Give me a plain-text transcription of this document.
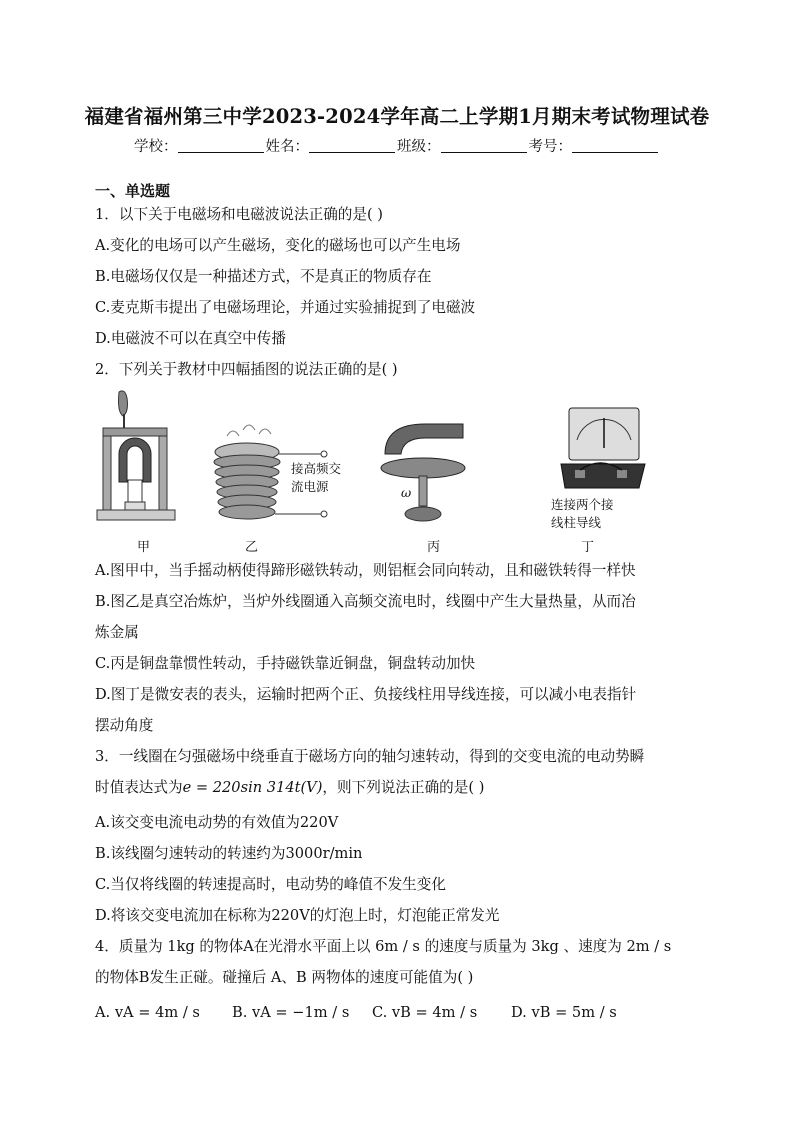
福建省福州第三中学2023-2024学年高二上学期1月期末考试物理试卷
学校：	姓名：	班级：	考号：
一、单选题
1．以下关于电磁场和电磁波说法正确的是( )
A.变化的电场可以产生磁场，变化的磁场也可以产生电场
B.电磁场仅仅是一种描述方式，不是真正的物质存在
C.麦克斯韦提出了电磁场理论，并通过实验捕捉到了电磁波
D.电磁波不可以在真空中传播
2．下列关于教材中四幅插图的说法正确的是( )
接高频交
流电源	ω
连接两个接
线柱导线
甲	乙	丙	丁
A.图甲中，当手摇动柄使得蹄形磁铁转动，则铝框会同向转动，且和磁铁转得一样快
B.图乙是真空冶炼炉，当炉外线圈通入高频交流电时，线圈中产生大量热量，从而冶
炼金属
C.丙是铜盘靠惯性转动，手持磁铁靠近铜盘，铜盘转动加快
D.图丁是微安表的表头，运输时把两个正、负接线柱用导线连接，可以减小电表指针
摆动角度
3．一线圈在匀强磁场中绕垂直于磁场方向的轴匀速转动，得到的交变电流的电动势瞬
时值表达式为e = 220sin 314t(V)，则下列说法正确的是( )
A.该交变电流电动势的有效值为220V
B.该线圈匀速转动的转速约为3000r/min
C.当仅将线圈的转速提高时，电动势的峰值不发生变化
D.将该交变电流加在标称为220V的灯泡上时，灯泡能正常发光
4．质量为 1kg 的物体A在光滑水平面上以 6m / s 的速度与质量为 3kg 、速度为 2m / s
的物体B发生正碰。碰撞后 A、B 两物体的速度可能值为( )
A. vA = 4m / s B. vA = −1m / s C. vB = 4m / s D. vB = 5m / s
